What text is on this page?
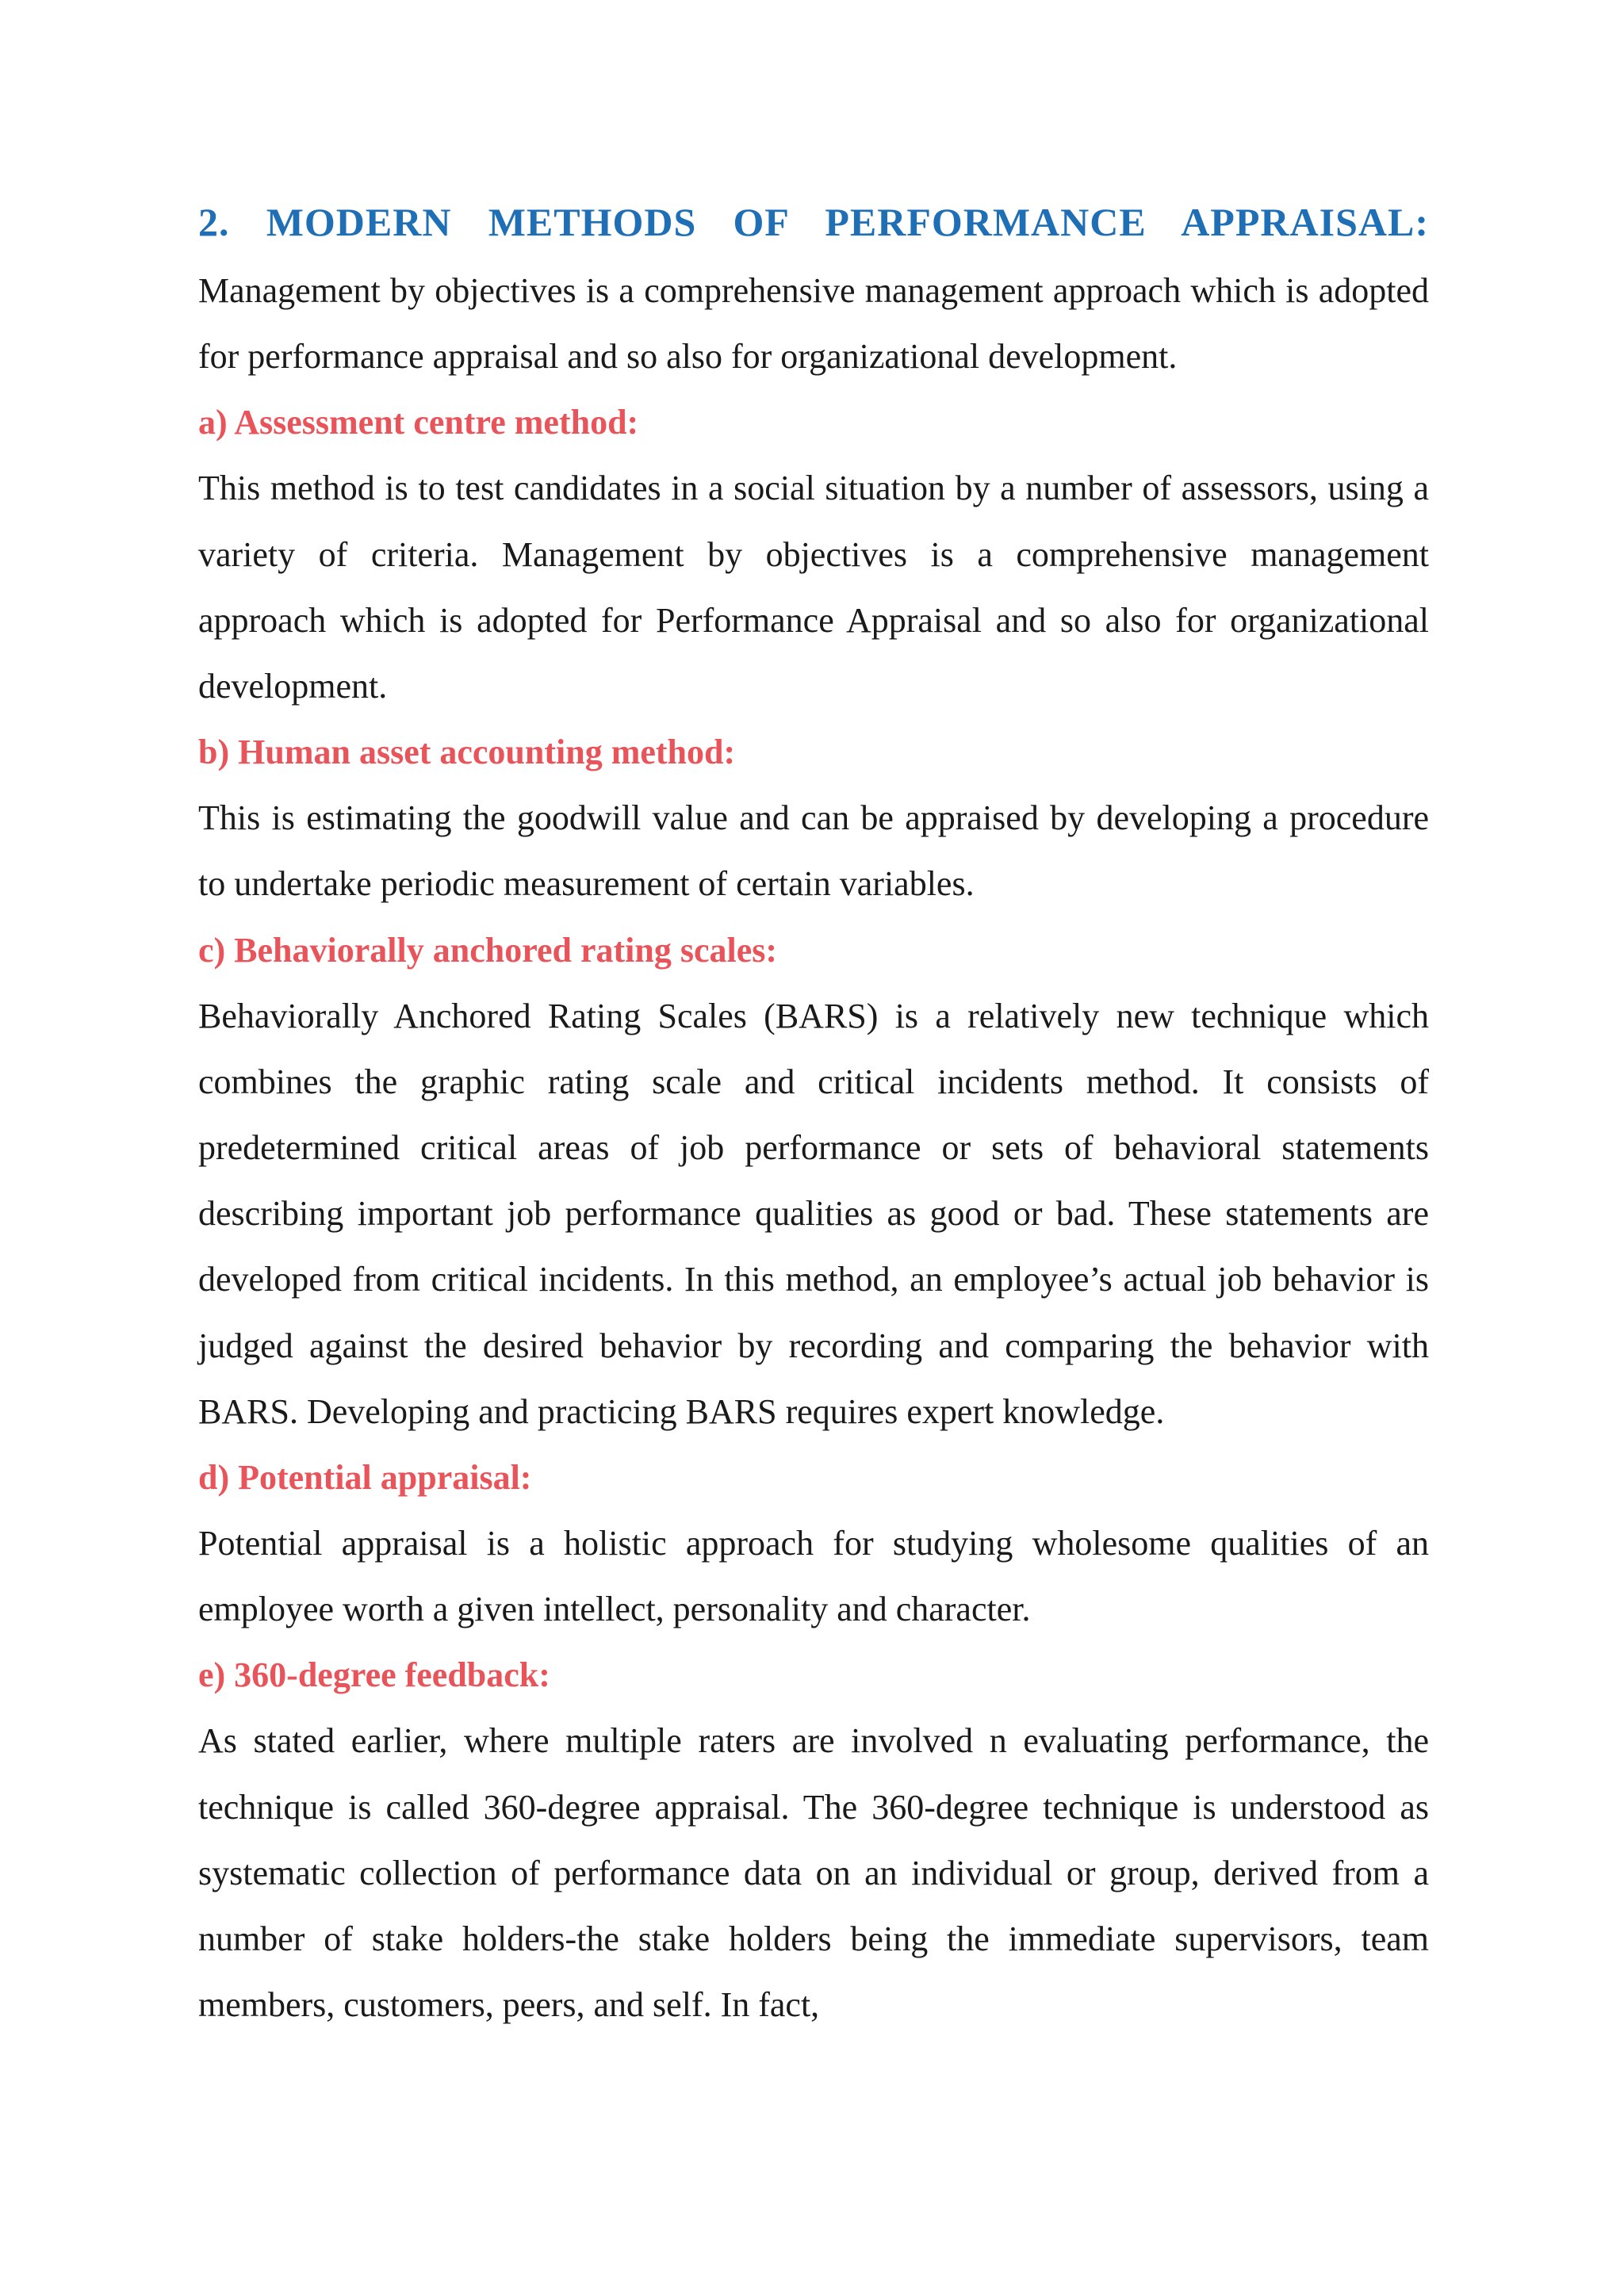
2. MODERN METHODS OF PERFORMANCE APPRAISAL:

Management by objectives is a comprehensive management approach which is adopted for performance appraisal and so also for organizational development.

a) Assessment centre method:

This method is to test candidates in a social situation by a number of assessors, using a variety of criteria. Management by objectives is a comprehensive management approach which is adopted for Performance Appraisal and so also for organizational development.

b) Human asset accounting method:

This is estimating the goodwill value and can be appraised by developing a procedure to undertake periodic measurement of certain variables.

c) Behaviorally anchored rating scales:

Behaviorally Anchored Rating Scales (BARS) is a relatively new technique which combines the graphic rating scale and critical incidents method. It consists of predetermined critical areas of job performance or sets of behavioral statements describing important job performance qualities as good or bad. These statements are developed from critical incidents. In this method, an employee’s actual job behavior is judged against the desired behavior by recording and comparing the behavior with BARS. Developing and practicing BARS requires expert knowledge.

d) Potential appraisal:

Potential appraisal is a holistic approach for studying wholesome qualities of an employee worth a given intellect, personality and character.

e) 360-degree feedback:

As stated earlier, where multiple raters are involved n evaluating performance, the technique is called 360-degree appraisal. The 360-degree technique is understood as systematic collection of performance data on an individual or group, derived from a number of stake holders-the stake holders being the immediate supervisors, team members, customers, peers, and self. In fact,
